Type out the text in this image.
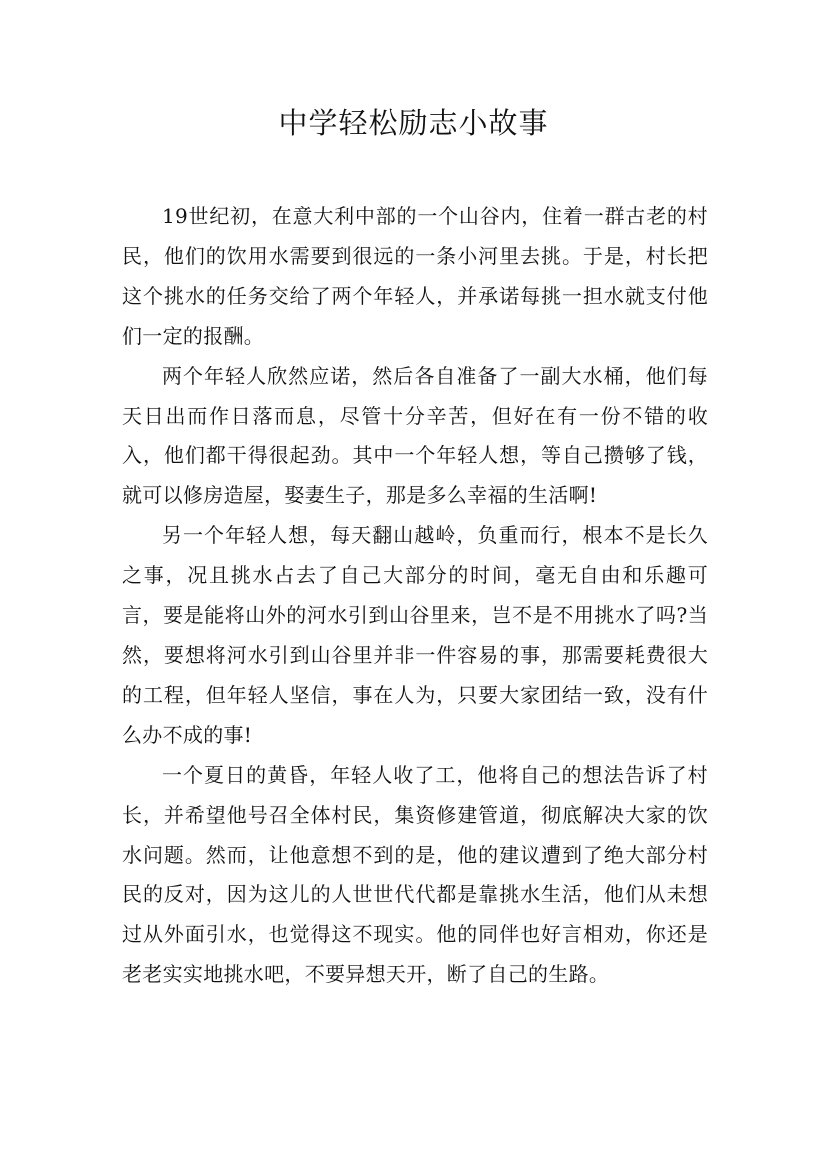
中学轻松励志小故事

19世纪初，在意大利中部的一个山谷内，住着一群古老的村民，他们的饮用水需要到很远的一条小河里去挑。于是，村长把这个挑水的任务交给了两个年轻人，并承诺每挑一担水就支付他们一定的报酬。

两个年轻人欣然应诺，然后各自准备了一副大水桶，他们每天日出而作日落而息，尽管十分辛苦，但好在有一份不错的收入，他们都干得很起劲。其中一个年轻人想，等自己攒够了钱，就可以修房造屋，娶妻生子，那是多么幸福的生活啊!

另一个年轻人想，每天翻山越岭，负重而行，根本不是长久之事，况且挑水占去了自己大部分的时间，毫无自由和乐趣可言，要是能将山外的河水引到山谷里来，岂不是不用挑水了吗?当然，要想将河水引到山谷里并非一件容易的事，那需要耗费很大的工程，但年轻人坚信，事在人为，只要大家团结一致，没有什么办不成的事!

一个夏日的黄昏，年轻人收了工，他将自己的想法告诉了村长，并希望他号召全体村民，集资修建管道，彻底解决大家的饮水问题。然而，让他意想不到的是，他的建议遭到了绝大部分村民的反对，因为这儿的人世世代代都是靠挑水生活，他们从未想过从外面引水，也觉得这不现实。他的同伴也好言相劝，你还是老老实实地挑水吧，不要异想天开，断了自己的生路。
